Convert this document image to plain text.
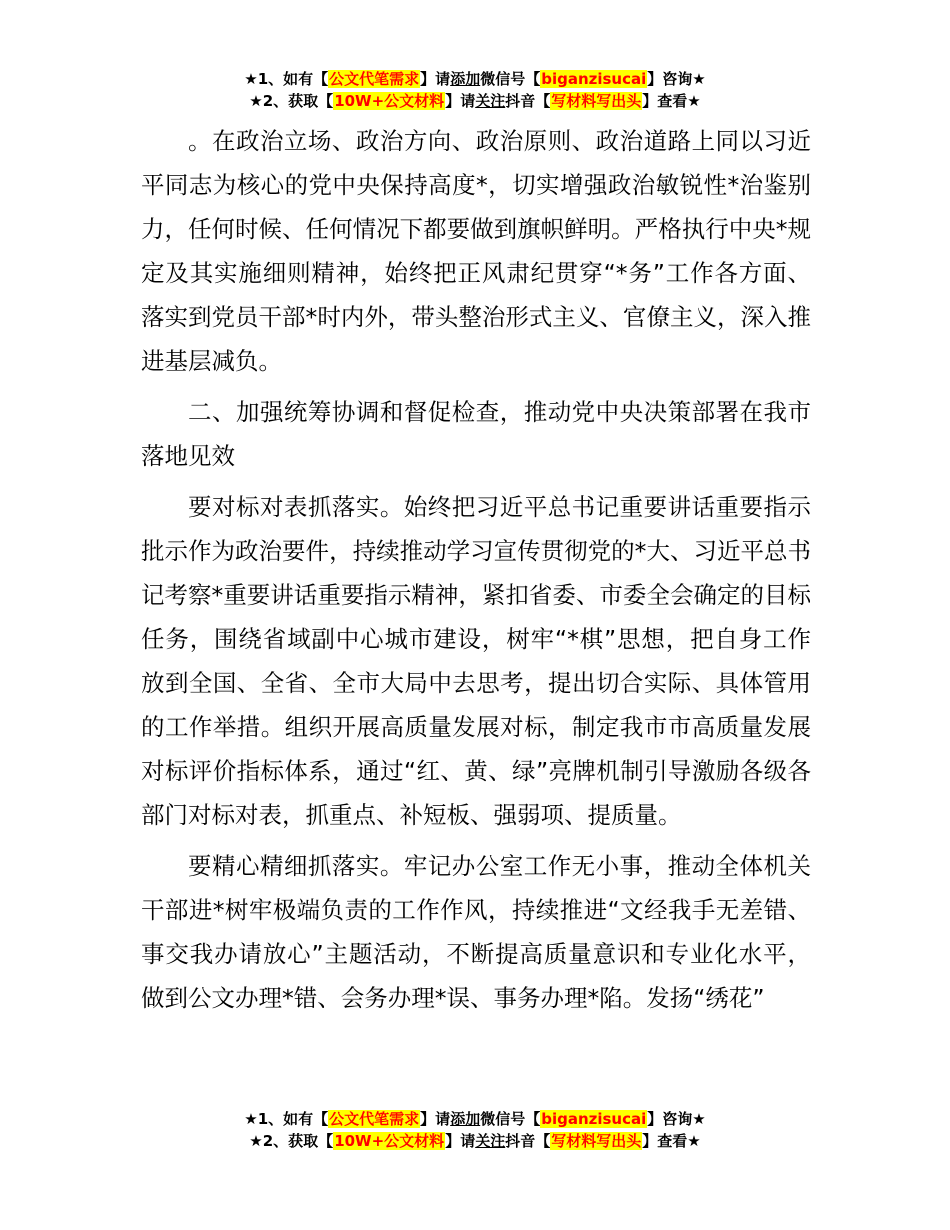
★1、如有【公文代笔需求】请添加微信号【biganzisucai】咨询★
★2、获取【10W+公文材料】请关注抖音【写材料写出头】查看★

。在政治立场、政治方向、政治原则、政治道路上同以习近平同志为核心的党中央保持高度*，切实增强政治敏锐性*治鉴别力，任何时候、任何情况下都要做到旗帜鲜明。严格执行中央*规定及其实施细则精神，始终把正风肃纪贯穿“*务”工作各方面、落实到党员干部*时内外，带头整治形式主义、官僚主义，深入推进基层减负。

二、加强统筹协调和督促检查，推动党中央决策部署在我市落地见效

要对标对表抓落实。始终把习近平总书记重要讲话重要指示批示作为政治要件，持续推动学习宣传贯彻党的*大、习近平总书记考察*重要讲话重要指示精神，紧扣省委、市委全会确定的目标任务，围绕省域副中心城市建设，树牢“*棋”思想，把自身工作放到全国、全省、全市大局中去思考，提出切合实际、具体管用的工作举措。组织开展高质量发展对标，制定我市市高质量发展对标评价指标体系，通过“红、黄、绿”亮牌机制引导激励各级各部门对标对表，抓重点、补短板、强弱项、提质量。

要精心精细抓落实。牢记办公室工作无小事，推动全体机关干部进*树牢极端负责的工作作风，持续推进“文经我手无差错、事交我办请放心”主题活动，不断提高质量意识和专业化水平，做到公文办理*错、会务办理*误、事务办理*陷。发扬“绣花”

★1、如有【公文代笔需求】请添加微信号【biganzisucai】咨询★
★2、获取【10W+公文材料】请关注抖音【写材料写出头】查看★
